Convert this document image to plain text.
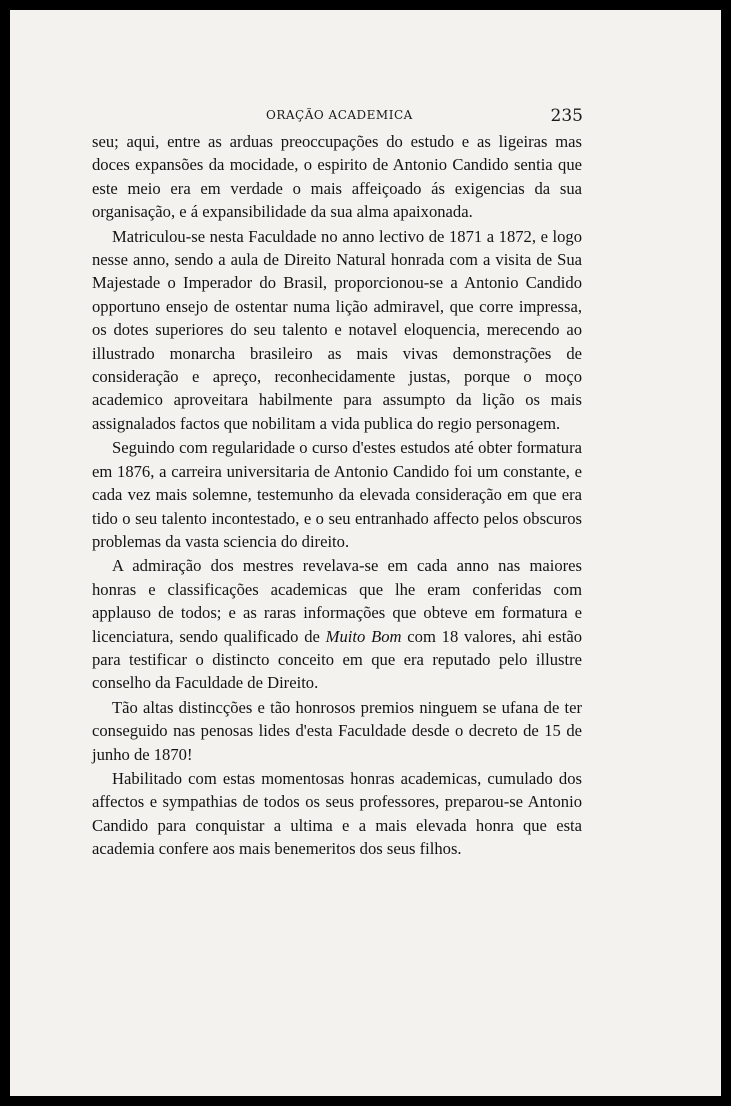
ORAÇÃO ACADEMICA	235

seu; aqui, entre as arduas preoccupações do estudo e as ligeiras mas doces expansões da mocidade, o espirito de Antonio Candido sentia que este meio era em verdade o mais affeiçoado ás exigencias da sua organisação, e á expansibilidade da sua alma apaixonada.

Matriculou-se nesta Faculdade no anno lectivo de 1871 a 1872, e logo nesse anno, sendo a aula de Direito Natural honrada com a visita de Sua Majestade o Imperador do Brasil, proporcionou-se a Antonio Candido opportuno ensejo de ostentar numa lição admiravel, que corre impressa, os dotes superiores do seu talento e notavel eloquencia, merecendo ao illustrado monarcha brasileiro as mais vivas demonstrações de consideração e apreço, reconhecidamente justas, porque o moço academico aproveitara habilmente para assumpto da lição os mais assignalados factos que nobilitam a vida publica do regio personagem.

Seguindo com regularidade o curso d'estes estudos até obter formatura em 1876, a carreira universitaria de Antonio Candido foi um constante, e cada vez mais solemne, testemunho da elevada consideração em que era tido o seu talento incontestado, e o seu entranhado affecto pelos obscuros problemas da vasta sciencia do direito.

A admiração dos mestres revelava-se em cada anno nas maiores honras e classificações academicas que lhe eram conferidas com applauso de todos; e as raras informações que obteve em formatura e licenciatura, sendo qualificado de Muito Bom com 18 valores, ahi estão para testificar o distincto conceito em que era reputado pelo illustre conselho da Faculdade de Direito.

Tão altas distincções e tão honrosos premios ninguem se ufana de ter conseguido nas penosas lides d'esta Faculdade desde o decreto de 15 de junho de 1870!

Habilitado com estas momentosas honras academicas, cumulado dos affectos e sympathias de todos os seus professores, preparou-se Antonio Candido para conquistar a ultima e a mais elevada honra que esta academia confere aos mais benemeritos dos seus filhos.
